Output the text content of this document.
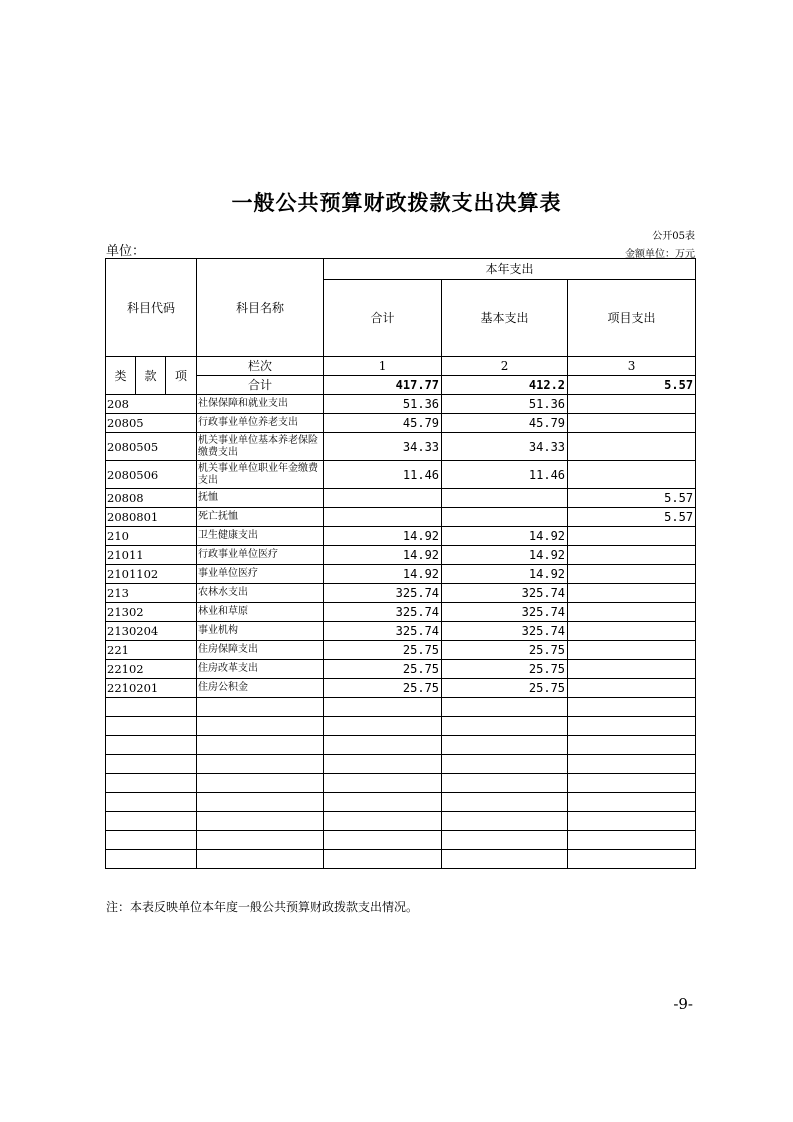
一般公共预算财政拨款支出决算表
公开05表
单位：	金额单位：万元
科目代码			科目名称	本年支出		
				合计	基本支出	项目支出
类	款	项	栏次	1	2	3
			合计	417.77	412.2	5.57
208			社保保障和就业支出	51.36	51.36	
20805			行政事业单位养老支出	45.79	45.79	
2080505			机关事业单位基本养老保险缴费支出	34.33	34.33	
2080506			机关事业单位职业年金缴费支出	11.46	11.46	
20808			抚恤			5.57
2080801			死亡抚恤			5.57
210			卫生健康支出	14.92	14.92	
21011			行政事业单位医疗	14.92	14.92	
2101102			事业单位医疗	14.92	14.92	
213			农林水支出	325.74	325.74	
21302			林业和草原	325.74	325.74	
2130204			事业机构	325.74	325.74	
221			住房保障支出	25.75	25.75	
22102			住房改革支出	25.75	25.75	
2210201			住房公积金	25.75	25.75	

注：本表反映单位本年度一般公共预算财政拨款支出情况。
-9-
